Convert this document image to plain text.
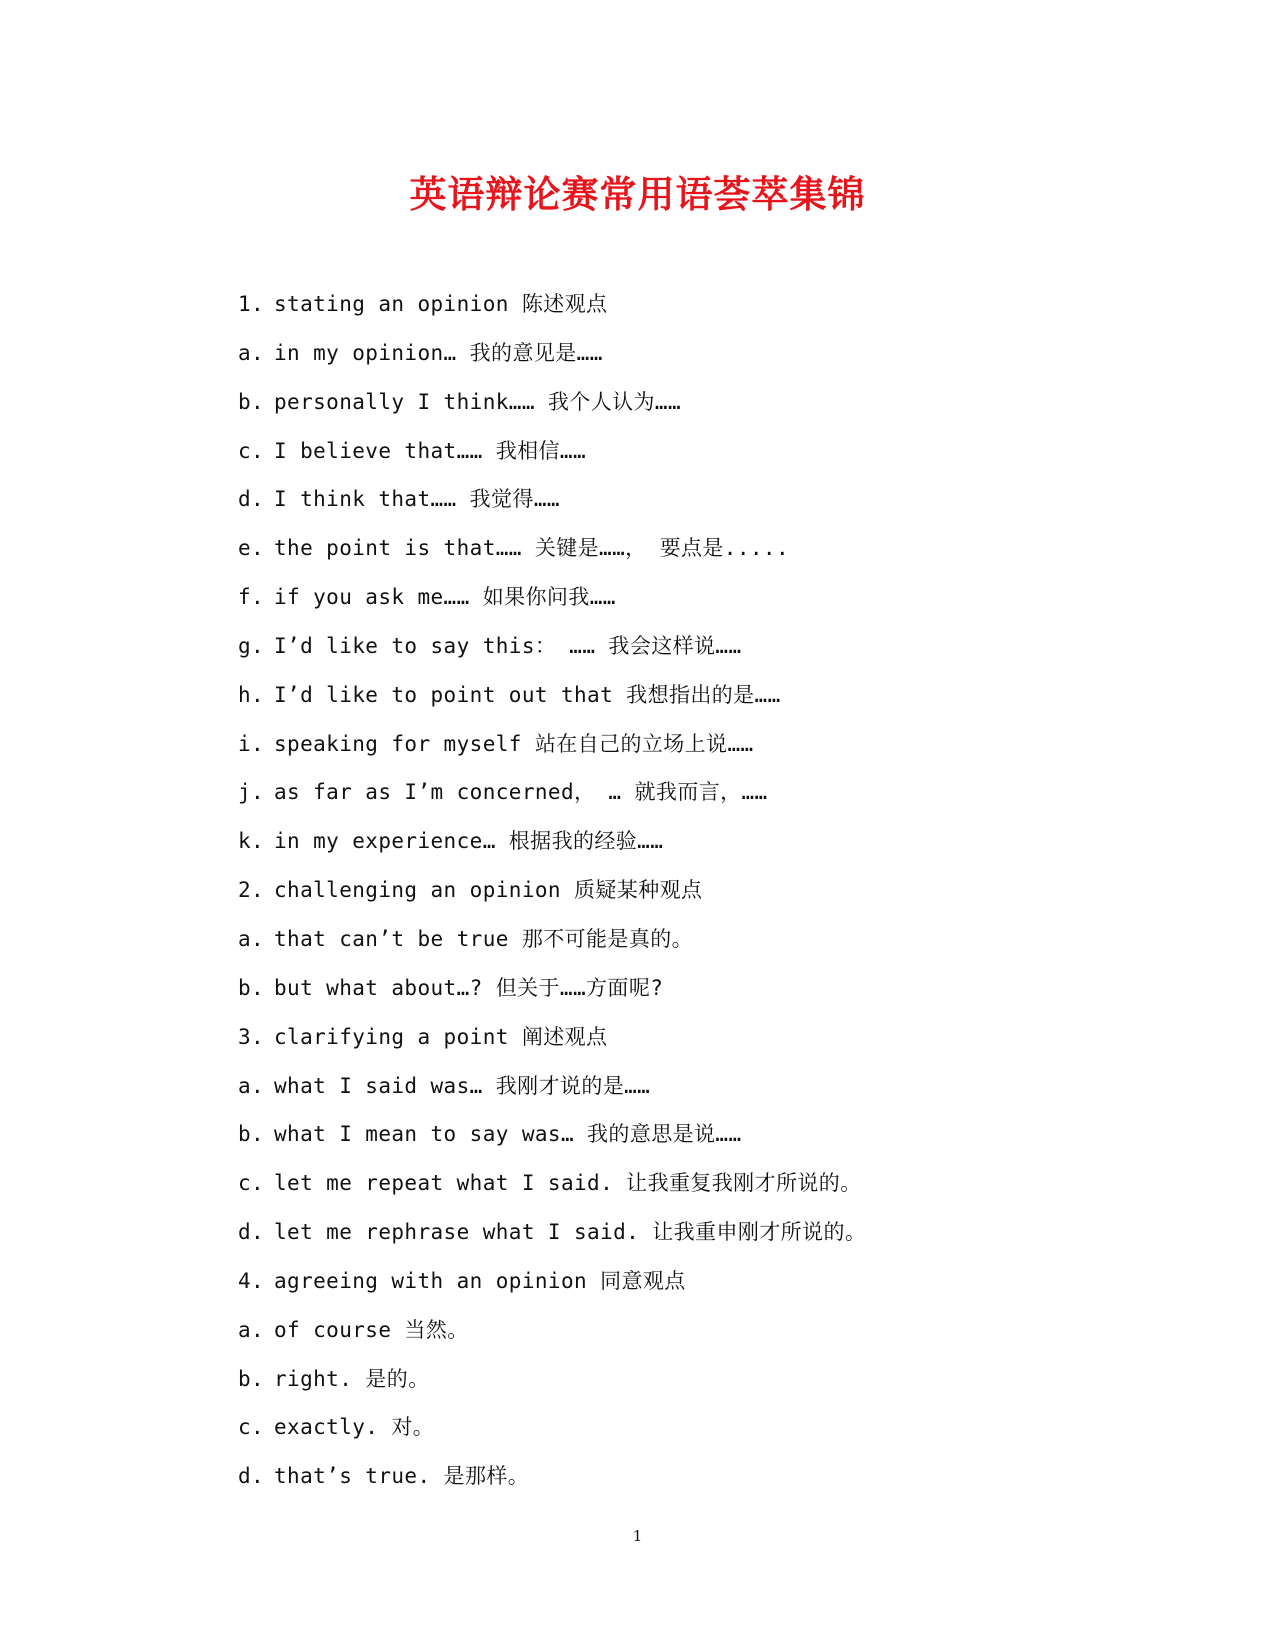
英语辩论赛常用语荟萃集锦
1. stating an opinion 陈述观点
a. in my opinion… 我的意见是……
b. personally I think…… 我个人认为……
c. I believe that…… 我相信……
d. I think that…… 我觉得……
e. the point is that…… 关键是……， 要点是.....
f. if you ask me…… 如果你问我……
g. I’d like to say this： …… 我会这样说……
h. I’d like to point out that 我想指出的是……
i. speaking for myself 站在自己的立场上说……
j. as far as I’m concerned， … 就我而言，……
k. in my experience… 根据我的经验……
2. challenging an opinion 质疑某种观点
a. that can’t be true 那不可能是真的。
b. but what about…? 但关于……方面呢?
3. clarifying a point 阐述观点
a. what I said was… 我刚才说的是……
b. what I mean to say was… 我的意思是说……
c. let me repeat what I said. 让我重复我刚才所说的。
d. let me rephrase what I said. 让我重申刚才所说的。
4. agreeing with an opinion 同意观点
a. of course 当然。
b. right. 是的。
c. exactly. 对。
d. that’s true. 是那样。
1
